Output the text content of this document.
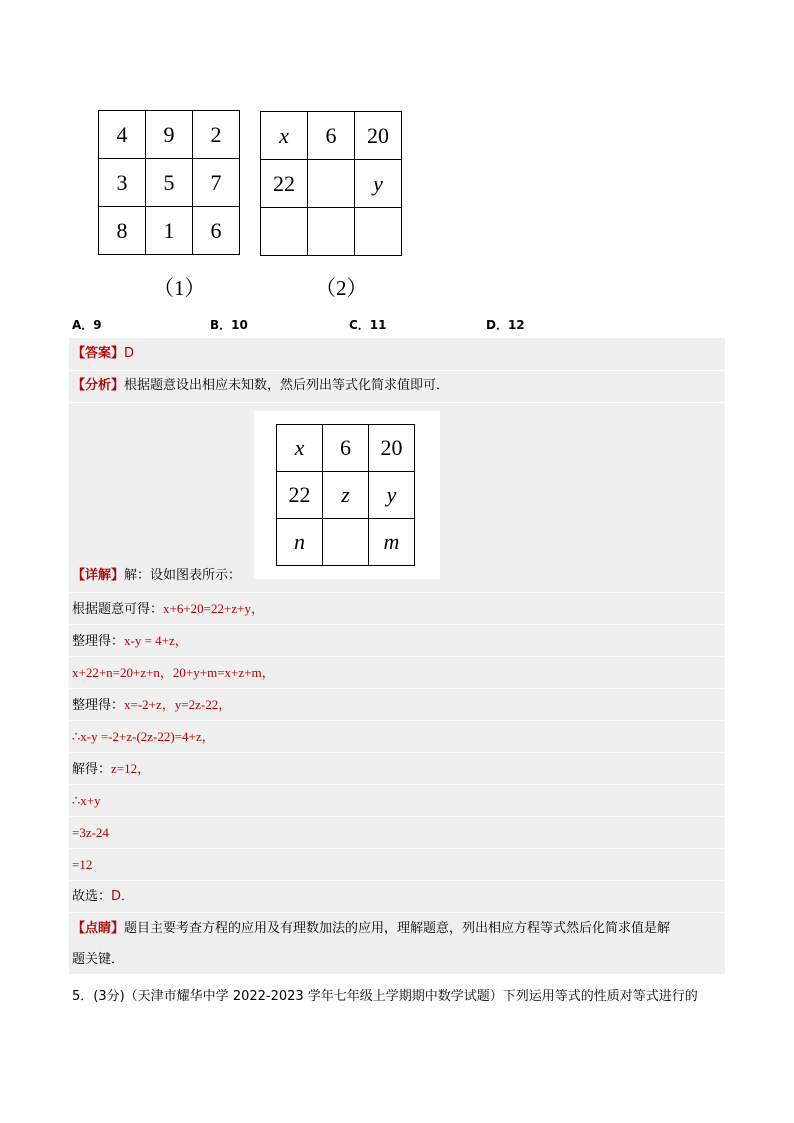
4	9	2
3	5	7
8	1	6
（1）
x	6	20
22		y

（2）
A．9	B．10	C．11	D．12
【答案】D
【分析】根据题意设出相应未知数，然后列出等式化简求值即可．
x	6	20
22	z	y
n		m
【详解】解：设如图表所示：
根据题意可得：x+6+20=22+z+y，
整理得：x-y = 4+z，
x+22+n=20+z+n，20+y+m=x+z+m，
整理得：x=-2+z，y=2z-22，
∴x-y =-2+z-(2z-22)=4+z，
解得：z=12，
∴x+y
=3z-24
=12
故选：D．
【点睛】题目主要考查方程的应用及有理数加法的应用，理解题意，列出相应方程等式然后化简求值是解
题关键．
5．(3分)（天津市耀华中学 2022-2023 学年七年级上学期期中数学试题）下列运用等式的性质对等式进行的
